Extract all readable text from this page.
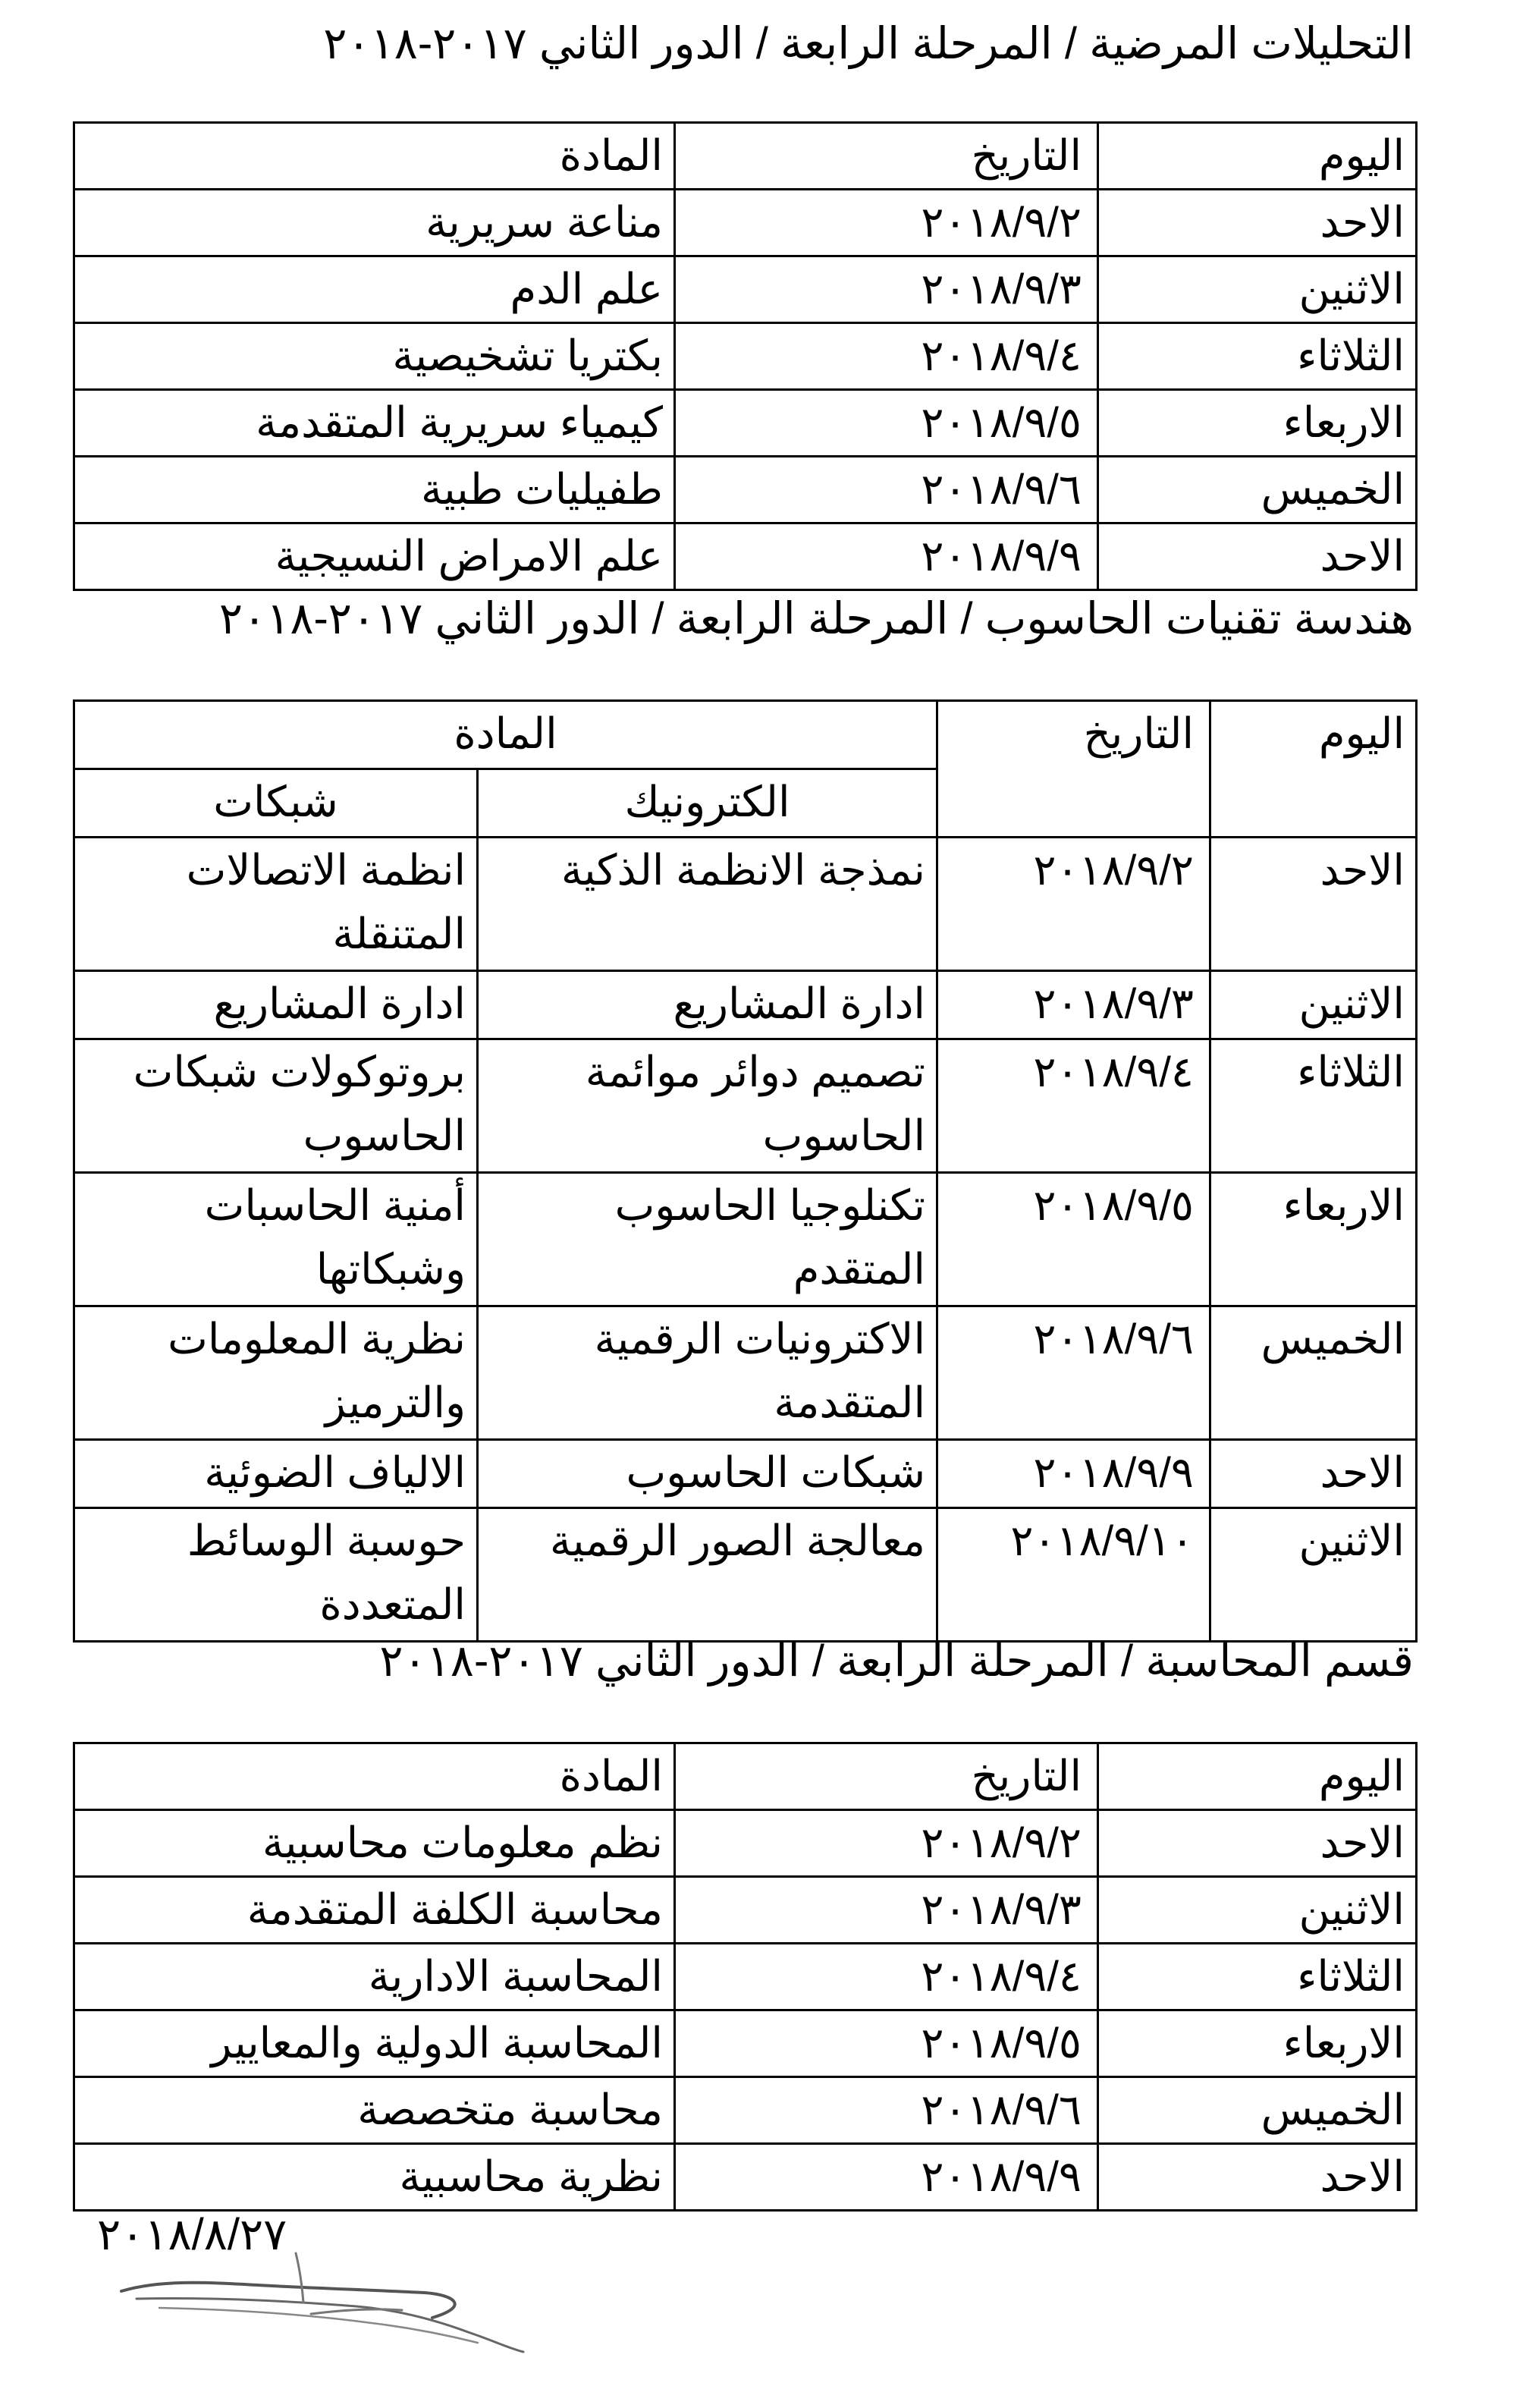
التحليلات المرضية / المرحلة الرابعة / الدور الثاني ٢٠١٧-٢٠١٨
اليوم	التاريخ	المادة
الاحد	٢٠١٨/٩/٢	مناعة سريرية
الاثنين	٢٠١٨/٩/٣	علم الدم
الثلاثاء	٢٠١٨/٩/٤	بكتريا تشخيصية
الاربعاء	٢٠١٨/٩/٥	كيمياء سريرية المتقدمة
الخميس	٢٠١٨/٩/٦	طفيليات طبية
الاحد	٢٠١٨/٩/٩	علم الامراض النسيجية
هندسة تقنيات الحاسوب / المرحلة الرابعة / الدور الثاني ٢٠١٧-٢٠١٨
اليوم	التاريخ	المادة	
		الكترونيك	شبكات
الاحد	٢٠١٨/٩/٢	نمذجة الانظمة الذكية	انظمة الاتصالات المتنقلة
الاثنين	٢٠١٨/٩/٣	ادارة المشاريع	ادارة المشاريع
الثلاثاء	٢٠١٨/٩/٤	تصميم دوائر موائمة الحاسوب	بروتوكولات شبكات الحاسوب
الاربعاء	٢٠١٨/٩/٥	تكنلوجيا الحاسوب المتقدم	أمنية الحاسبات وشبكاتها
الخميس	٢٠١٨/٩/٦	الاكترونيات الرقمية المتقدمة	نظرية المعلومات والترميز
الاحد	٢٠١٨/٩/٩	شبكات الحاسوب	الالياف الضوئية
الاثنين	٢٠١٨/٩/١٠	معالجة الصور الرقمية	حوسبة الوسائط المتعددة
قسم المحاسبة / المرحلة الرابعة / الدور الثاني ٢٠١٧-٢٠١٨
اليوم	التاريخ	المادة
الاحد	٢٠١٨/٩/٢	نظم معلومات محاسبية
الاثنين	٢٠١٨/٩/٣	محاسبة الكلفة المتقدمة
الثلاثاء	٢٠١٨/٩/٤	المحاسبة الادارية
الاربعاء	٢٠١٨/٩/٥	المحاسبة الدولية والمعايير
الخميس	٢٠١٨/٩/٦	محاسبة متخصصة
الاحد	٢٠١٨/٩/٩	نظرية محاسبية
٢٠١٨/٨/٢٧
